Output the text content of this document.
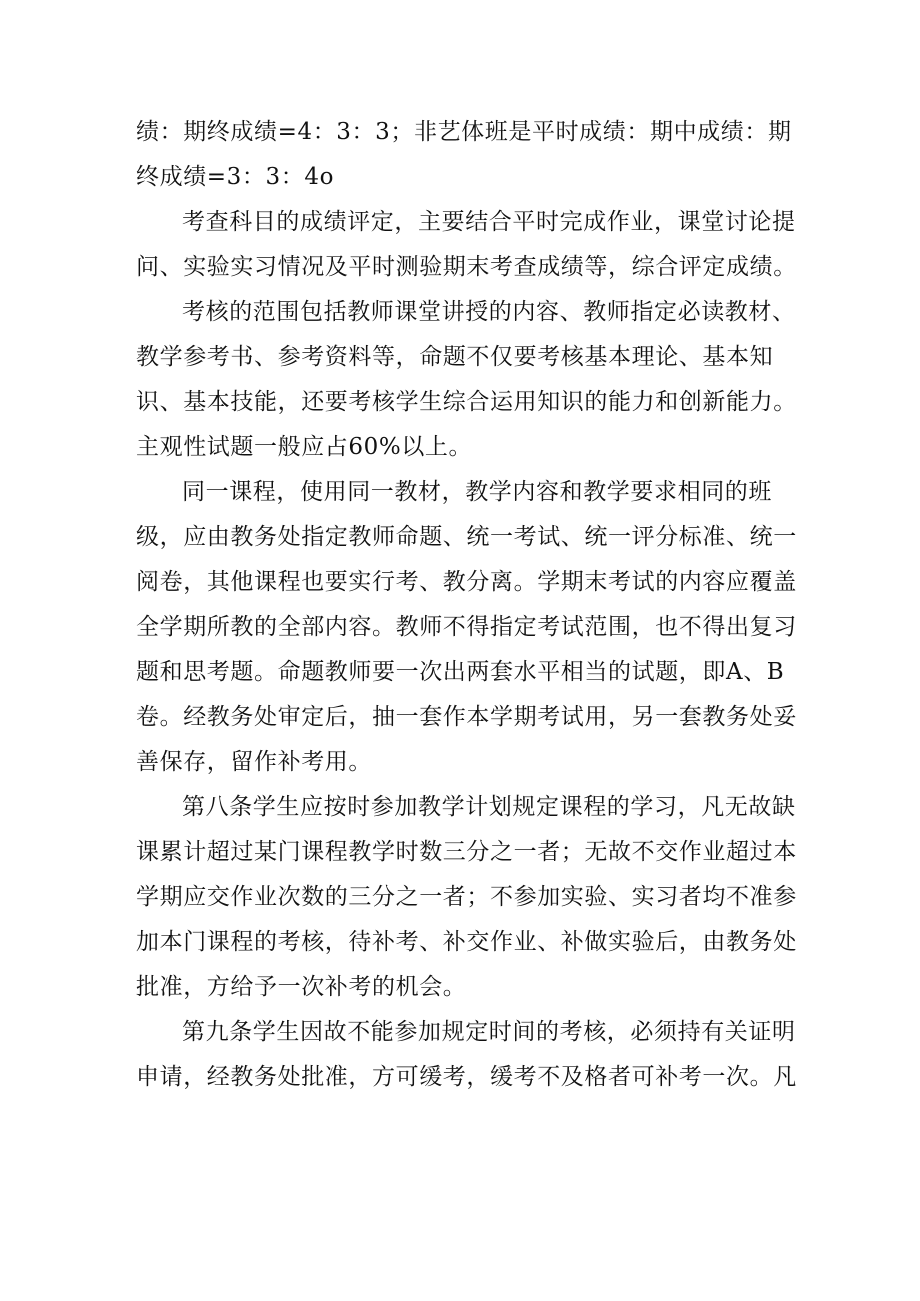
绩：期终成绩=4：3：3；非艺体班是平时成绩：期中成绩：期终成绩=3：3：4o

考查科目的成绩评定，主要结合平时完成作业，课堂讨论提问、实验实习情况及平时测验期末考查成绩等，综合评定成绩。

考核的范围包括教师课堂讲授的内容、教师指定必读教材、教学参考书、参考资料等，命题不仅要考核基本理论、基本知识、基本技能，还要考核学生综合运用知识的能力和创新能力。主观性试题一般应占60%以上。

同一课程，使用同一教材，教学内容和教学要求相同的班级，应由教务处指定教师命题、统一考试、统一评分标准、统一阅卷，其他课程也要实行考、教分离。学期末考试的内容应覆盖全学期所教的全部内容。教师不得指定考试范围，也不得出复习题和思考题。命题教师要一次出两套水平相当的试题，即A、B卷。经教务处审定后，抽一套作本学期考试用，另一套教务处妥善保存，留作补考用。

第八条学生应按时参加教学计划规定课程的学习，凡无故缺课累计超过某门课程教学时数三分之一者；无故不交作业超过本学期应交作业次数的三分之一者；不参加实验、实习者均不准参加本门课程的考核，待补考、补交作业、补做实验后，由教务处批准，方给予一次补考的机会。

第九条学生因故不能参加规定时间的考核，必须持有关证明申请，经教务处批准，方可缓考，缓考不及格者可补考一次。凡
